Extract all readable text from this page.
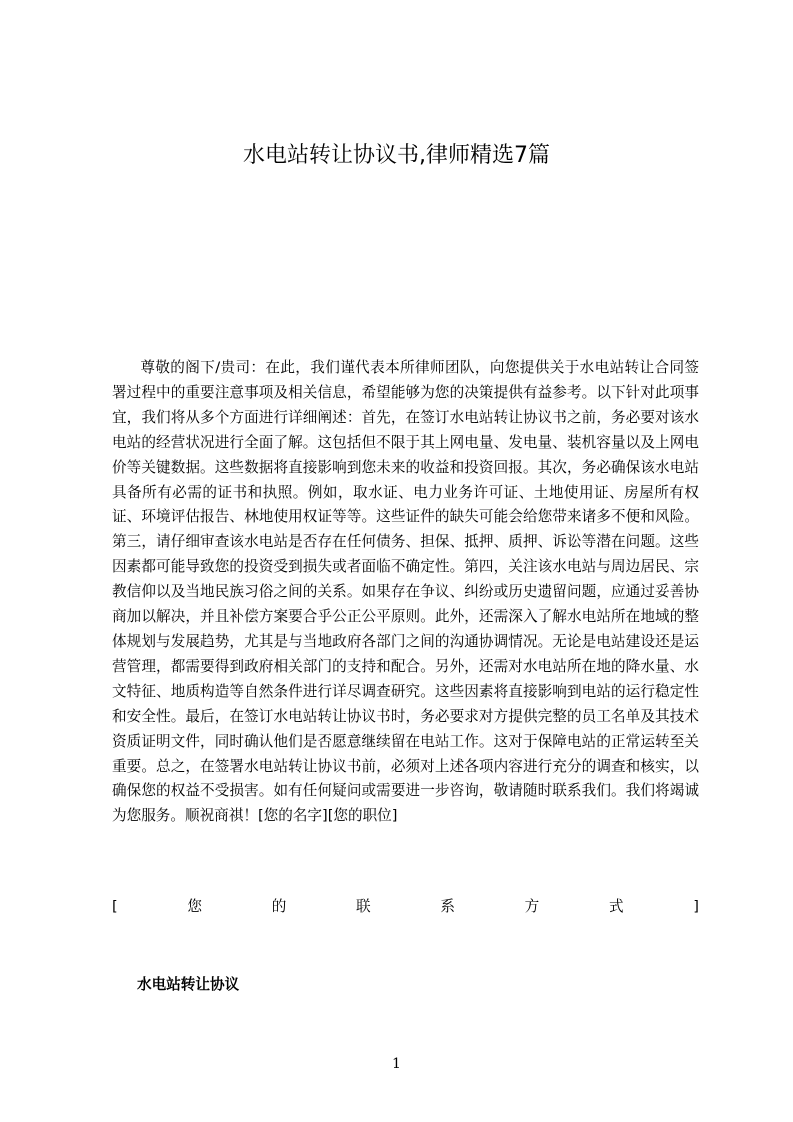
水电站转让协议书,律师精选7篇

尊敬的阁下/贵司：在此，我们谨代表本所律师团队，向您提供关于水电站转让合同签署过程中的重要注意事项及相关信息，希望能够为您的决策提供有益参考。以下针对此项事宜，我们将从多个方面进行详细阐述：首先，在签订水电站转让协议书之前，务必要对该水电站的经营状况进行全面了解。这包括但不限于其上网电量、发电量、装机容量以及上网电价等关键数据。这些数据将直接影响到您未来的收益和投资回报。其次，务必确保该水电站具备所有必需的证书和执照。例如，取水证、电力业务许可证、土地使用证、房屋所有权证、环境评估报告、林地使用权证等等。这些证件的缺失可能会给您带来诸多不便和风险。第三，请仔细审查该水电站是否存在任何债务、担保、抵押、质押、诉讼等潜在问题。这些因素都可能导致您的投资受到损失或者面临不确定性。第四，关注该水电站与周边居民、宗教信仰以及当地民族习俗之间的关系。如果存在争议、纠纷或历史遗留问题，应通过妥善协商加以解决，并且补偿方案要合乎公正公平原则。此外，还需深入了解水电站所在地域的整体规划与发展趋势，尤其是与当地政府各部门之间的沟通协调情况。无论是电站建设还是运营管理，都需要得到政府相关部门的支持和配合。另外，还需对水电站所在地的降水量、水文特征、地质构造等自然条件进行详尽调查研究。这些因素将直接影响到电站的运行稳定性和安全性。最后，在签订水电站转让协议书时，务必要求对方提供完整的员工名单及其技术资质证明文件，同时确认他们是否愿意继续留在电站工作。这对于保障电站的正常运转至关重要。总之，在签署水电站转让协议书前，必须对上述各项内容进行充分的调查和核实，以确保您的权益不受损害。如有任何疑问或需要进一步咨询，敬请随时联系我们。我们将竭诚为您服务。顺祝商祺！[您的名字][您的职位]

[	您	的	联	系	方	式	]
水电站转让协议
1
